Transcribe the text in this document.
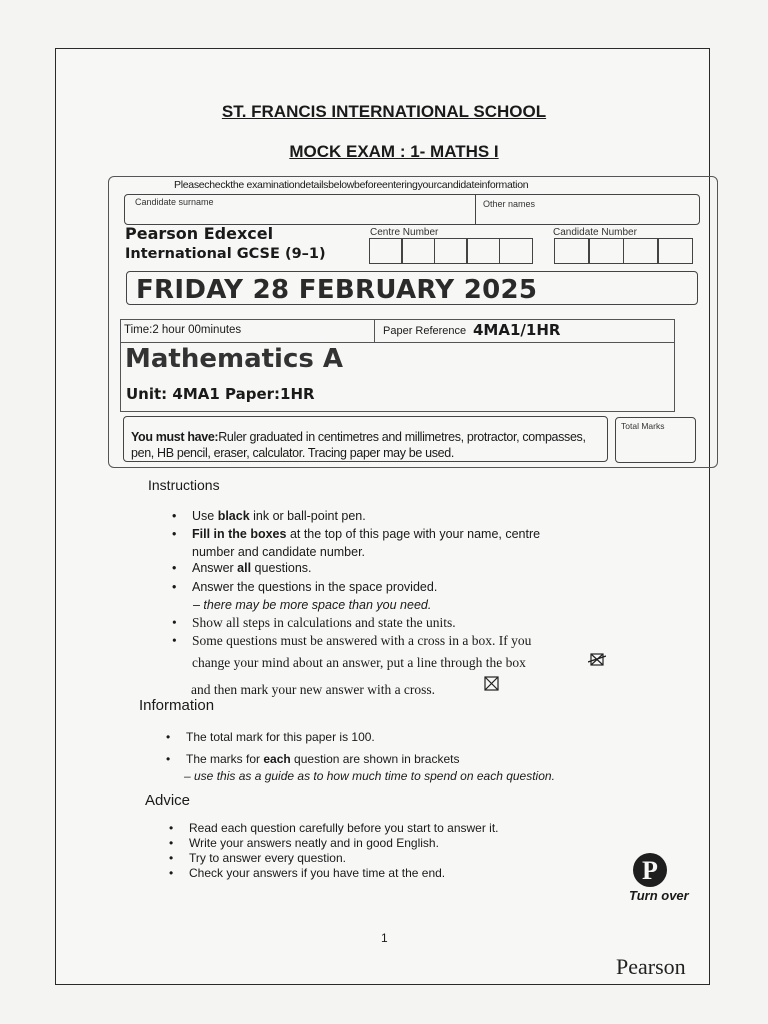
ST. FRANCIS INTERNATIONAL SCHOOL
MOCK EXAM : 1- MATHS I
Pleasecheckthe examinationdetailsbelowbeforeenteringyourcandidateinformation
Candidate surname	Other names
Pearson Edexcel
International GCSE (9–1)
Centre Number	Candidate Number
FRIDAY 28 FEBRUARY 2025
Time:2 hour 00minutes	Paper Reference 4MA1/1HR
Mathematics A
Unit: 4MA1 Paper:1HR
You must have:Ruler graduated in centimetres and millimetres, protractor, compasses, pen, HB pencil, eraser, calculator. Tracing paper may be used.
Total Marks
Instructions
• Use black ink or ball-point pen.
• Fill in the boxes at the top of this page with your name, centre
• Answer all questions.
• Answer the questions in the space provided.
• Show all steps in calculations and state the units.
• Some questions must be answered with a cross in a box. If you
number and candidate number.
– there may be more space than you need.
change your mind about an answer, put a line through the box
and then mark your new answer with a cross.
Information
• The total mark for this paper is 100.
• The marks for each question are shown in brackets
– use this as a guide as to how much time to spend on each question.
Advice
• Read each question carefully before you start to answer it.
• Write your answers neatly and in good English.
• Try to answer every question.
• Check your answers if you have time at the end.	P
Turn over
1
Pearson
